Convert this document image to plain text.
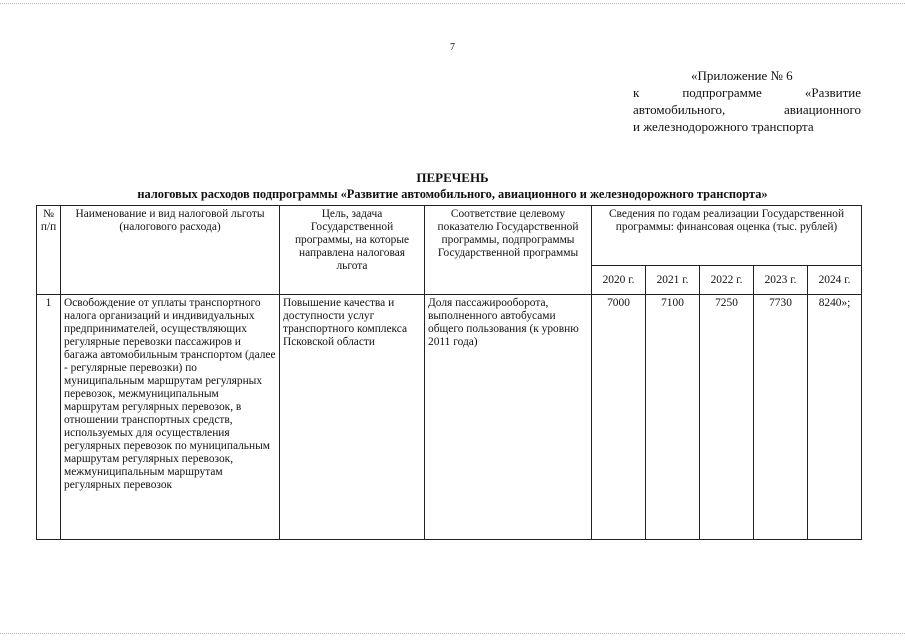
7
«Приложение № 6
к	подпрограмме	«Развитие
автомобильного,	авиационного
и железнодорожного транспорта
ПЕРЕЧЕНЬ
налоговых расходов подпрограммы «Развитие автомобильного, авиационного и железнодорожного транспорта»
№ п/п	Наименование и вид налоговой льготы (налогового расхода)	Цель, задача Государственной программы, на которые направлена налоговая льгота	Соответствие целевому показателю Государственной программы, подпрограммы Государственной программы	Сведения по годам реализации Государственной программы: финансовая оценка (тыс. рублей)				
				2020 г.	2021 г.	2022 г.	2023 г.	2024 г.
1	Освобождение от уплаты транспортного налога организаций и индивидуальных предпринимателей, осуществляющих регулярные перевозки пассажиров и багажа автомобильным транспортом (далее - регулярные перевозки) по муниципальным маршрутам регулярных перевозок, межмуниципальным маршрутам регулярных перевозок, в отношении транспортных средств, используемых для осуществления регулярных перевозок по муниципальным маршрутам регулярных перевозок, межмуниципальным маршрутам регулярных перевозок	Повышение качества и доступности услуг транспортного комплекса Псковской области	Доля пассажирооборота, выполненного автобусами общего пользования (к уровню 2011 года)	7000	7100	7250	7730	8240»;
